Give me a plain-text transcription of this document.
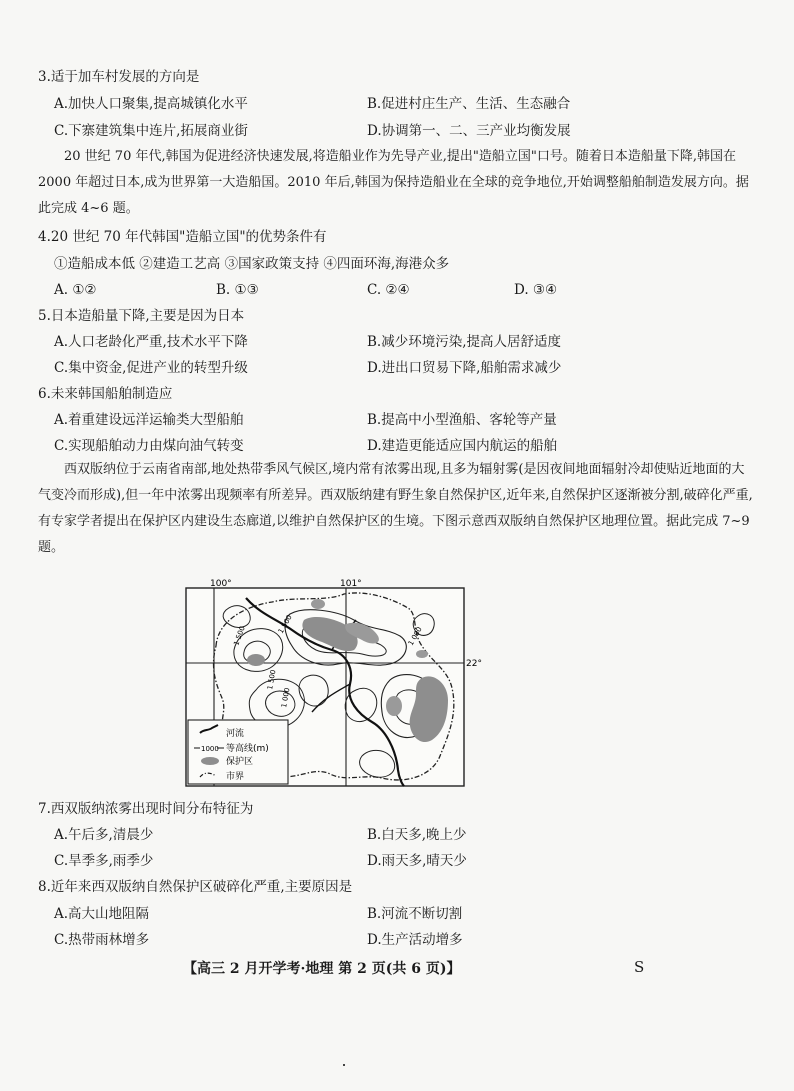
3.适于加车村发展的方向是
A.加快人口聚集,提高城镇化水平	B.促进村庄生产、生活、生态融合
C.下寨建筑集中连片,拓展商业街	D.协调第一、二、三产业均衡发展
20 世纪 70 年代,韩国为促进经济快速发展,将造船业作为先导产业,提出"造船立国"口号。随着日本造船量下降,韩国在 2000 年超过日本,成为世界第一大造船国。2010 年后,韩国为保持造船业在全球的竞争地位,开始调整船舶制造发展方向。据此完成 4~6 题。
4.20 世纪 70 年代韩国"造船立国"的优势条件有
①造船成本低 ②建造工艺高 ③国家政策支持 ④四面环海,海港众多
A. ①②	B. ①③	C. ②④	D. ③④
5.日本造船量下降,主要是因为日本
A.人口老龄化严重,技术水平下降	B.减少环境污染,提高人居舒适度
C.集中资金,促进产业的转型升级	D.进出口贸易下降,船舶需求减少
6.未来韩国船舶制造应
A.着重建设远洋运输类大型船舶	B.提高中小型渔船、客轮等产量
C.实现船舶动力由煤向油气转变	D.建造更能适应国内航运的船舶
西双版纳位于云南省南部,地处热带季风气候区,境内常有浓雾出现,且多为辐射雾(是因夜间地面辐射冷却使贴近地面的大气变冷而形成),但一年中浓雾出现频率有所差异。西双版纳建有野生象自然保护区,近年来,自然保护区逐渐被分割,破碎化严重,有专家学者提出在保护区内建设生态廊道,以维护自然保护区的生境。下图示意西双版纳自然保护区地理位置。据此完成 7~9 题。
100°	101°
22°
1 500	1 000
1 500
1 000
1 500
河流
1000 等高线(m)
保护区
市界
7.西双版纳浓雾出现时间分布特征为
A.午后多,清晨少	B.白天多,晚上少
C.旱季多,雨季少	D.雨天多,晴天少
8.近年来西双版纳自然保护区破碎化严重,主要原因是
A.高大山地阻隔	B.河流不断切割
C.热带雨林增多	D.生产活动增多
【高三 2 月开学考·地理 第 2 页(共 6 页)】	S
